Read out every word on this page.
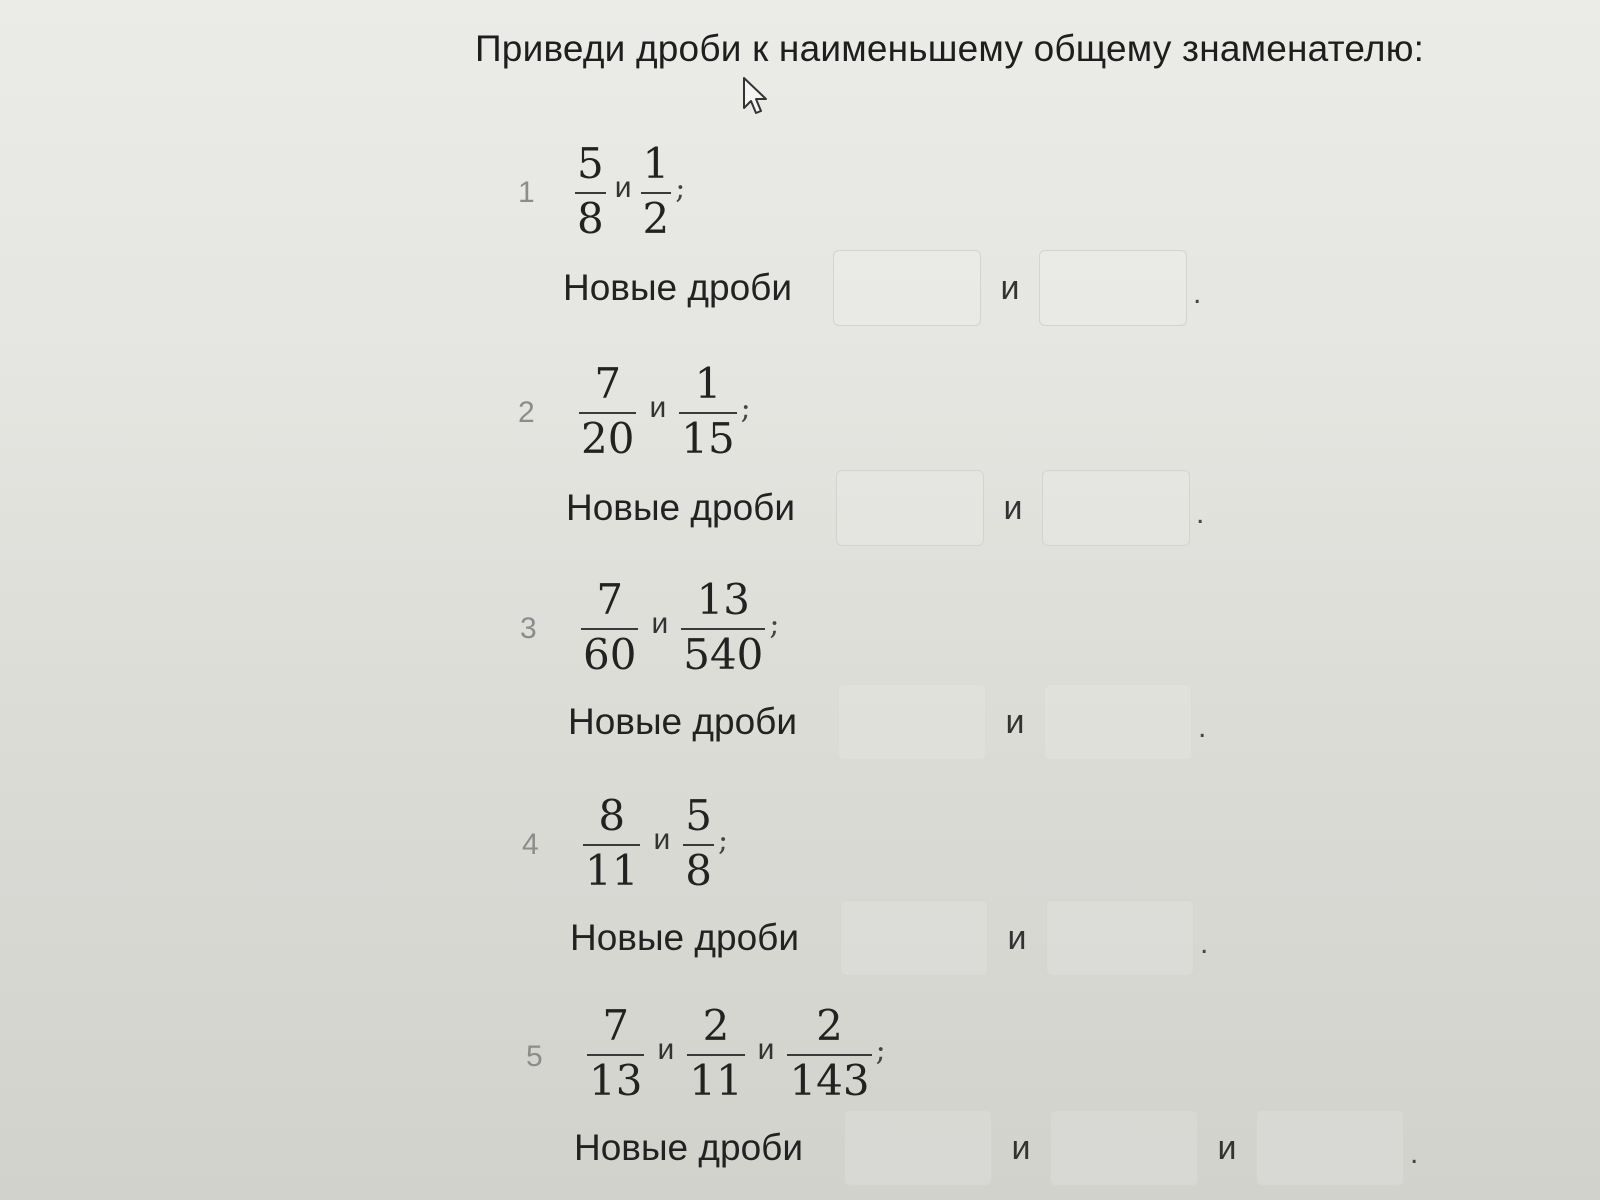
Приведи дроби к наименьшему общему знаменателю:
$1 \frac{5}{8}$ и $\frac{1}{2}$ ;
Новые дроби	и	.
$2 \frac{7}{20}$ и $\frac{1}{15}$ ;
Новые дроби	и	.
$3 \frac{7}{60}$ и $\frac{13}{540}$ ;
Новые дроби	и	.
$4 \frac{8}{11}$ и $\frac{5}{8}$ ;
Новые дроби	и	.
$5 \frac{7}{13}$ и $\frac{2}{11}$ и $\frac{2}{143}$ ;
Новые дроби	и	и	.
